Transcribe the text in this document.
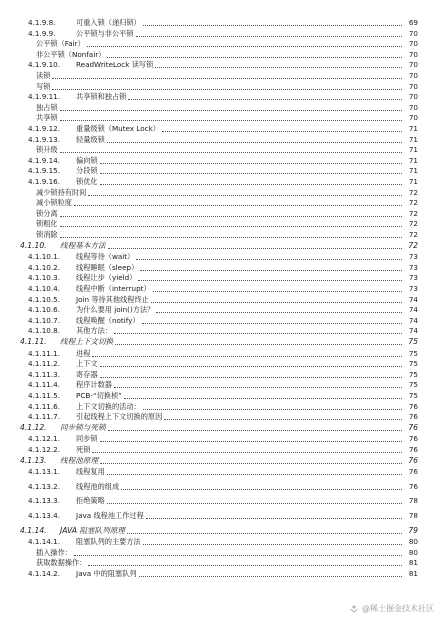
4.1.9.8.	可重入锁（递归锁）	69
4.1.9.9.	公平锁与非公平锁	70
公平锁（Fair）	70
非公平锁（Nonfair）	70
4.1.9.10.	ReadWriteLock 读写锁	70
读锁	70
写锁	70
4.1.9.11.	共享锁和独占锁	70
独占锁	70
共享锁	70
4.1.9.12.	重量级锁（Mutex Lock）	71
4.1.9.13.	轻量级锁	71
锁升级	71
4.1.9.14.	偏向锁	71
4.1.9.15.	分段锁	71
4.1.9.16.	锁优化	71
减少锁持有时间	72
减小锁粒度	72
锁分离	72
锁粗化	72
锁消除	72
4.1.10.	线程基本方法	72
4.1.10.1.	线程等待（wait）	73
4.1.10.2.	线程睡眠（sleep）	73
4.1.10.3.	线程让步（yield）	73
4.1.10.4.	线程中断（interrupt）	73
4.1.10.5.	Join 等待其他线程终止	74
4.1.10.6.	为什么要用 join()方法？	74
4.1.10.7.	线程唤醒（notify）	74
4.1.10.8.	其他方法：	74
4.1.11.	线程上下文切换	75
4.1.11.1.	进程	75
4.1.11.2.	上下文	75
4.1.11.3.	寄存器	75
4.1.11.4.	程序计数器	75
4.1.11.5.	PCB-“切换桢”	75
4.1.11.6.	上下文切换的活动：	76
4.1.11.7.	引起线程上下文切换的原因	76
4.1.12.	同步锁与死锁	76
4.1.12.1.	同步锁	76
4.1.12.2.	死锁	76
4.1.13.	线程池原理	76
4.1.13.1.	线程复用	76
4.1.13.2.	线程池的组成	76
4.1.13.3.	拒绝策略	78
4.1.13.4.	Java 线程池工作过程	78
4.1.14.	JAVA 阻塞队列原理	79
4.1.14.1.	阻塞队列的主要方法	80
插入操作：	80
获取数据操作：	81
4.1.14.2.	Java 中的阻塞队列	81
@稀土掘金技术社区
